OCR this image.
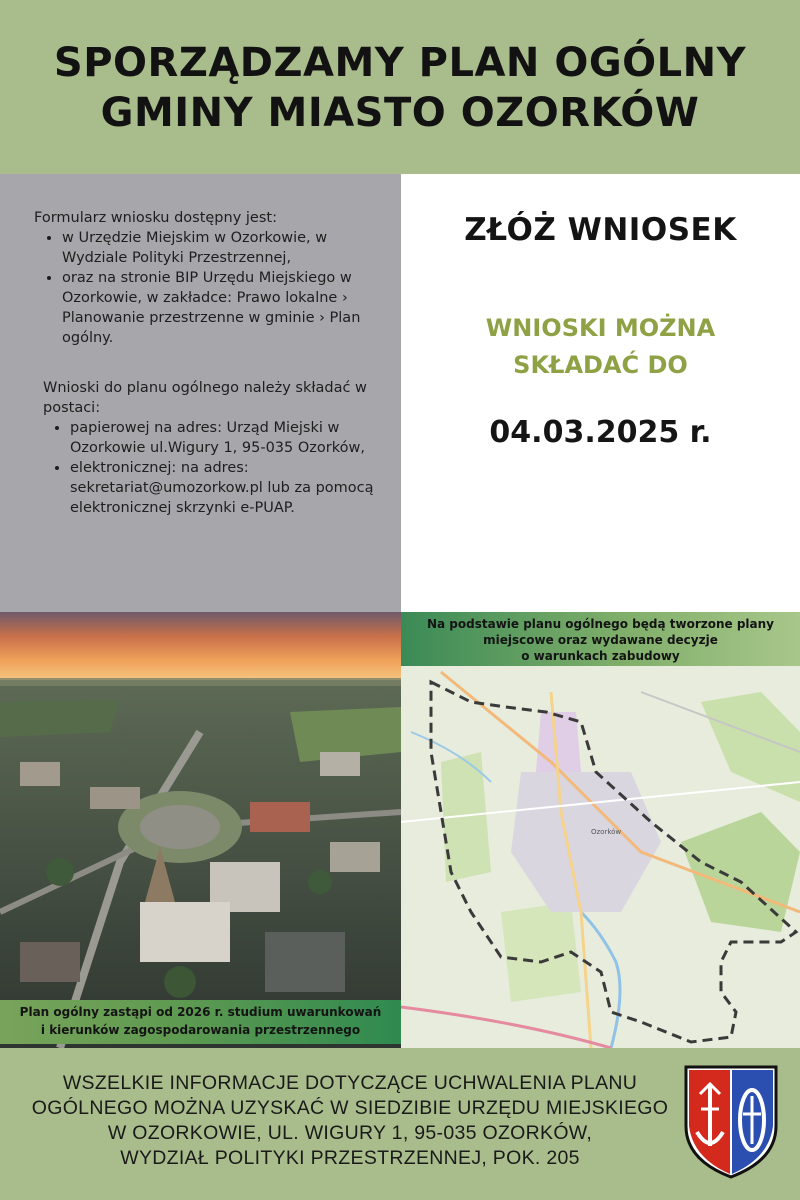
SPORZĄDZAMY PLAN OGÓLNY
GMINY MIASTO OZORKÓW

Formularz wniosku dostępny jest:

• w Urzędzie Miejskim w Ozorkowie, w Wydziale Polityki Przestrzennej,
• oraz na stronie BIP Urzędu Miejskiego w Ozorkowie, w zakładce: Prawo lokalne › Planowanie przestrzenne w gminie › Plan ogólny.

Wnioski do planu ogólnego należy składać w postaci:

• papierowej na adres: Urząd Miejski w Ozorkowie ul.Wigury 1, 95-035 Ozorków,
• elektronicznej: na adres: sekretariat@umozorkow.pl lub za pomocą elektronicznej skrzynki e-PUAP.
ZŁÓŻ WNIOSEK
WNIOSKI MOŻNA
SKŁADAĆ DO
04.03.2025 r.
Ozorków
Na podstawie planu ogólnego będą tworzone plany
miejscowe oraz wydawane decyzje
o warunkach zabudowy
Plan ogólny zastąpi od 2026 r. studium uwarunkowań
i kierunków zagospodarowania przestrzennego
WSZELKIE INFORMACJE DOTYCZĄCE UCHWALENIA PLANU
OGÓLNEGO MOŻNA UZYSKAĆ W SIEDZIBIE URZĘDU MIEJSKIEGO
W OZORKOWIE, UL. WIGURY 1, 95-035 OZORKÓW,
WYDZIAŁ POLITYKI PRZESTRZENNEJ, POK. 205
